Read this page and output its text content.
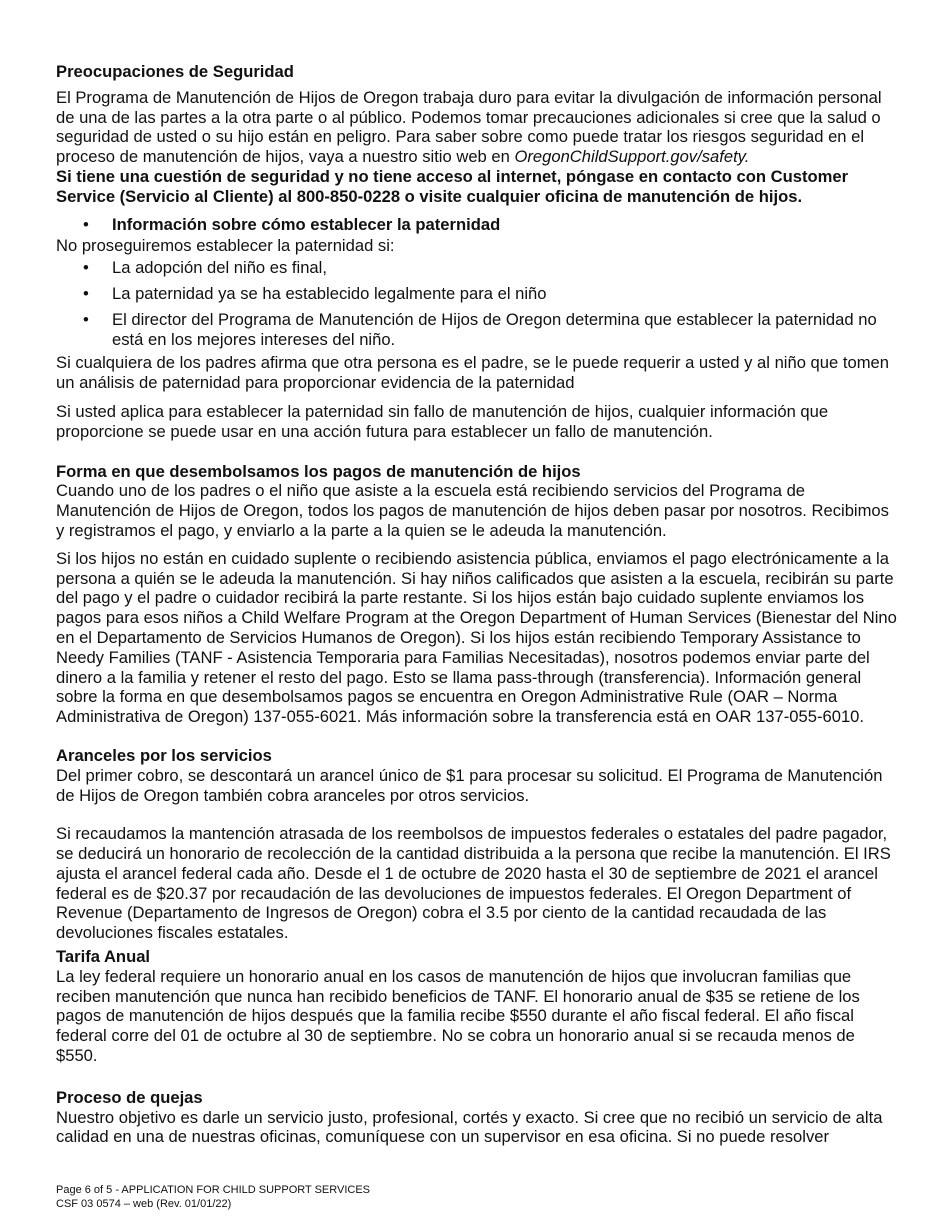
Preocupaciones de Seguridad

El Programa de Manutención de Hijos de Oregon trabaja duro para evitar la divulgación de información personal de una de las partes a la otra parte o al público. Podemos tomar precauciones adicionales si cree que la salud o seguridad de usted o su hijo están en peligro. Para saber sobre como puede tratar los riesgos seguridad en el proceso de manutención de hijos, vaya a nuestro sitio web en OregonChildSupport.gov/safety.

Si tiene una cuestión de seguridad y no tiene acceso al internet, póngase en contacto con Customer Service (Servicio al Cliente) al 800-850-0228 o visite cualquier oficina de manutención de hijos.

• Información sobre cómo establecer la paternidad

No proseguiremos establecer la paternidad si:

• La adopción del niño es final,
• La paternidad ya se ha establecido legalmente para el niño
• El director del Programa de Manutención de Hijos de Oregon determina que establecer la paternidad no está en los mejores intereses del niño.

Si cualquiera de los padres afirma que otra persona es el padre, se le puede requerir a usted y al niño que tomen un análisis de paternidad para proporcionar evidencia de la paternidad

Si usted aplica para establecer la paternidad sin fallo de manutención de hijos, cualquier información que proporcione se puede usar en una acción futura para establecer un fallo de manutención.

Forma en que desembolsamos los pagos de manutención de hijos

Cuando uno de los padres o el niño que asiste a la escuela está recibiendo servicios del Programa de Manutención de Hijos de Oregon, todos los pagos de manutención de hijos deben pasar por nosotros. Recibimos y registramos el pago, y enviarlo a la parte a la quien se le adeuda la manutención.

Si los hijos no están en cuidado suplente o recibiendo asistencia pública, enviamos el pago electrónicamente a la persona a quién se le adeuda la manutención. Si hay niños calificados que asisten a la escuela, recibirán su parte del pago y el padre o cuidador recibirá la parte restante. Si los hijos están bajo cuidado suplente enviamos los pagos para esos niños a Child Welfare Program at the Oregon Department of Human Services (Bienestar del Nino en el Departamento de Servicios Humanos de Oregon). Si los hijos están recibiendo Temporary Assistance to Needy Families (TANF - Asistencia Temporaria para Familias Necesitadas), nosotros podemos enviar parte del dinero a la familia y retener el resto del pago. Esto se llama pass-through (transferencia). Información general sobre la forma en que desembolsamos pagos se encuentra en Oregon Administrative Rule (OAR – Norma Administrativa de Oregon) 137-055-6021. Más información sobre la transferencia está en OAR 137-055-6010.

Aranceles por los servicios

Del primer cobro, se descontará un arancel único de $1 para procesar su solicitud. El Programa de Manutención de Hijos de Oregon también cobra aranceles por otros servicios.

Si recaudamos la mantención atrasada de los reembolsos de impuestos federales o estatales del padre pagador, se deducirá un honorario de recolección de la cantidad distribuida a la persona que recibe la manutención. El IRS ajusta el arancel federal cada año. Desde el 1 de octubre de 2020 hasta el 30 de septiembre de 2021 el arancel federal es de $20.37 por recaudación de las devoluciones de impuestos federales. El Oregon Department of Revenue (Departamento de Ingresos de Oregon) cobra el 3.5 por ciento de la cantidad recaudada de las devoluciones fiscales estatales.

Tarifa Anual

La ley federal requiere un honorario anual en los casos de manutención de hijos que involucran familias que reciben manutención que nunca han recibido beneficios de TANF. El honorario anual de $35 se retiene de los pagos de manutención de hijos después que la familia recibe $550 durante el año fiscal federal. El año fiscal federal corre del 01 de octubre al 30 de septiembre. No se cobra un honorario anual si se recauda menos de $550.

Proceso de quejas

Nuestro objetivo es darle un servicio justo, profesional, cortés y exacto. Si cree que no recibió un servicio de alta calidad en una de nuestras oficinas, comuníquese con un supervisor en esa oficina. Si no puede resolver

Page 6 of 5 - APPLICATION FOR CHILD SUPPORT SERVICES
CSF 03 0574 – web (Rev. 01/01/22)
